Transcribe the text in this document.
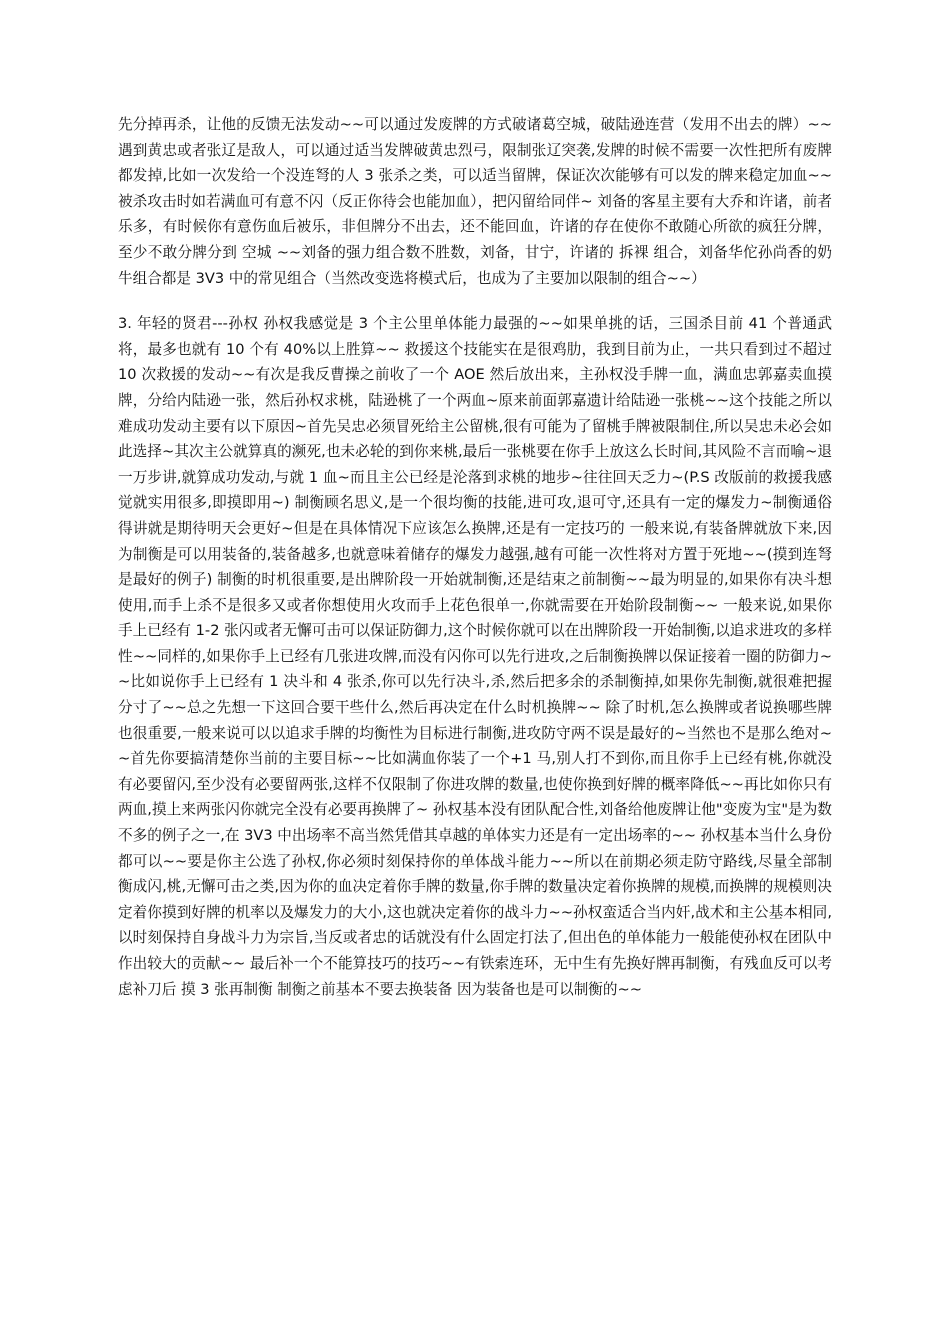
先分掉再杀，让他的反馈无法发动~~可以通过发废牌的方式破诸葛空城，破陆逊连营（发用不出去的牌）~~遇到黄忠或者张辽是敌人，可以通过适当发牌破黄忠烈弓，限制张辽突袭,发牌的时候不需要一次性把所有废牌都发掉,比如一次发给一个没连弩的人 3 张杀之类，可以适当留牌，保证次次能够有可以发的牌来稳定加血~~被杀攻击时如若满血可有意不闪（反正你待会也能加血），把闪留给同伴~ 刘备的客星主要有大乔和许诸，前者乐多，有时候你有意伤血后被乐，非但牌分不出去，还不能回血，许诸的存在使你不敢随心所欲的疯狂分牌，至少不敢分牌分到 空城 ~~刘备的强力组合数不胜数，刘备，甘宁，许诸的 拆裸 组合，刘备华佗孙尚香的奶牛组合都是 3V3 中的常见组合（当然改变选将模式后，也成为了主要加以限制的组合~~）

3. 年轻的贤君---孙权 孙权我感觉是 3 个主公里单体能力最强的~~如果单挑的话，三国杀目前 41 个普通武将，最多也就有 10 个有 40%以上胜算~~ 救援这个技能实在是很鸡肋，我到目前为止，一共只看到过不超过 10 次救援的发动~~有次是我反曹操之前收了一个 AOE 然后放出来，主孙权没手牌一血，满血忠郭嘉卖血摸牌，分给内陆逊一张，然后孙权求桃，陆逊桃了一个两血~原来前面郭嘉遗计给陆逊一张桃~~这个技能之所以难成功发动主要有以下原因~首先吴忠必须冒死给主公留桃,很有可能为了留桃手牌被限制住,所以吴忠未必会如此选择~其次主公就算真的濒死,也未必轮的到你来桃,最后一张桃要在你手上放这么长时间,其风险不言而喻~退一万步讲,就算成功发动,与就 1 血~而且主公已经是沦落到求桃的地步~往往回天乏力~(P.S 改版前的救援我感觉就实用很多,即摸即用~) 制衡顾名思义,是一个很均衡的技能,进可攻,退可守,还具有一定的爆发力~制衡通俗得讲就是期待明天会更好~但是在具体情况下应该怎么换牌,还是有一定技巧的 一般来说,有装备牌就放下来,因为制衡是可以用装备的,装备越多,也就意味着储存的爆发力越强,越有可能一次性将对方置于死地~~(摸到连弩是最好的例子) 制衡的时机很重要,是出牌阶段一开始就制衡,还是结束之前制衡~~最为明显的,如果你有决斗想使用,而手上杀不是很多又或者你想使用火攻而手上花色很单一,你就需要在开始阶段制衡~~ 一般来说,如果你手上已经有 1-2 张闪或者无懈可击可以保证防御力,这个时候你就可以在出牌阶段一开始制衡,以追求进攻的多样性~~同样的,如果你手上已经有几张进攻牌,而没有闪你可以先行进攻,之后制衡换牌以保证接着一圈的防御力~~比如说你手上已经有 1 决斗和 4 张杀,你可以先行决斗,杀,然后把多余的杀制衡掉,如果你先制衡,就很难把握分寸了~~总之先想一下这回合要干些什么,然后再决定在什么时机换牌~~ 除了时机,怎么换牌或者说换哪些牌也很重要,一般来说可以以追求手牌的均衡性为目标进行制衡,进攻防守两不误是最好的~当然也不是那么绝对~~首先你要搞清楚你当前的主要目标~~比如满血你装了一个+1 马,别人打不到你,而且你手上已经有桃,你就没有必要留闪,至少没有必要留两张,这样不仅限制了你进攻牌的数量,也使你换到好牌的概率降低~~再比如你只有两血,摸上来两张闪你就完全没有必要再换牌了~ 孙权基本没有团队配合性,刘备给他废牌让他"变废为宝"是为数不多的例子之一,在 3V3 中出场率不高当然凭借其卓越的单体实力还是有一定出场率的~~ 孙权基本当什么身份都可以~~要是你主公选了孙权,你必须时刻保持你的单体战斗能力~~所以在前期必须走防守路线,尽量全部制衡成闪,桃,无懈可击之类,因为你的血决定着你手牌的数量,你手牌的数量决定着你换牌的规模,而换牌的规模则决定着你摸到好牌的机率以及爆发力的大小,这也就决定着你的战斗力~~孙权蛮适合当内奸,战术和主公基本相同,以时刻保持自身战斗力为宗旨,当反或者忠的话就没有什么固定打法了,但出色的单体能力一般能使孙权在团队中作出较大的贡献~~ 最后补一个不能算技巧的技巧~~有铁索连环，无中生有先换好牌再制衡，有残血反可以考虑补刀后 摸 3 张再制衡 制衡之前基本不要去换装备 因为装备也是可以制衡的~~
